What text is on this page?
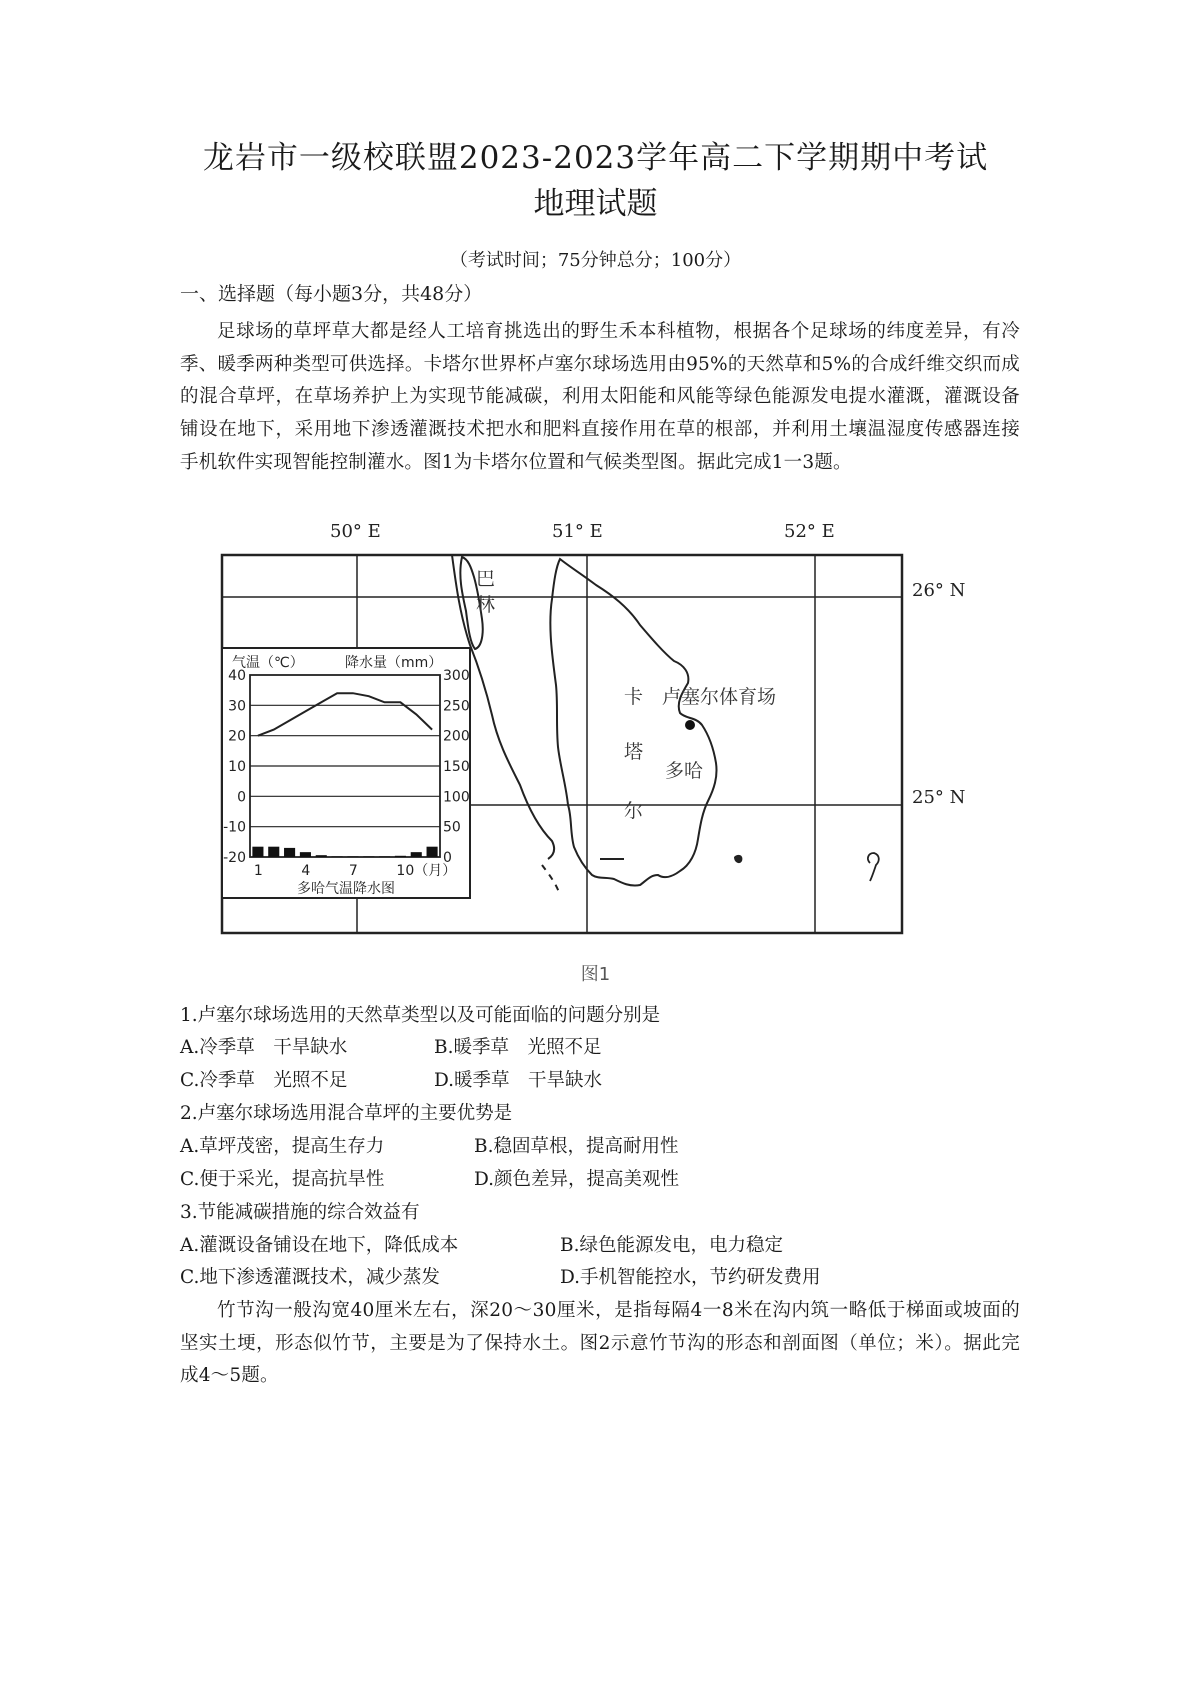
龙岩市一级校联盟2023-2023学年高二下学期期中考试
地理试题
（考试时间；75分钟总分；100分）
一、选择题（每小题3分，共48分）
足球场的草坪草大都是经人工培育挑选出的野生禾本科植物，根据各个足球场的纬度差异，有冷季、暖季两种类型可供选择。卡塔尔世界杯卢塞尔球场选用由95%的天然草和5%的合成纤维交织而成的混合草坪，在草场养护上为实现节能减碳，利用太阳能和风能等绿色能源发电提水灌溉，灌溉设备铺设在地下，采用地下渗透灌溉技术把水和肥料直接作用在草的根部，并利用土壤温湿度传感器连接手机软件实现智能控制灌水。图1为卡塔尔位置和气候类型图。据此完成1一3题。
50° E	51° E	52° E
26° N
25° N
巴
林
卡
塔
尔
卢塞尔体育场
多哈
气温（℃）	降水量（mm）
40
30
20
10
0
-10
-20
300
250
200
150
100
50
0
1	4	7	10（月）
多哈气温降水图
图1
1.卢塞尔球场选用的天然草类型以及可能面临的问题分别是
A.冷季草　干旱缺水	B.暖季草　光照不足
C.冷季草　光照不足	D.暖季草　干旱缺水
2.卢塞尔球场选用混合草坪的主要优势是
A.草坪茂密，提高生存力	B.稳固草根，提高耐用性
C.便于采光，提高抗旱性	D.颜色差异，提高美观性
3.节能减碳措施的综合效益有
A.灌溉设备铺设在地下，降低成本	B.绿色能源发电，电力稳定
C.地下渗透灌溉技术，减少蒸发	D.手机智能控水，节约研发费用
竹节沟一般沟宽40厘米左右，深20～30厘米，是指每隔4一8米在沟内筑一略低于梯面或坡面的坚实土埂，形态似竹节，主要是为了保持水土。图2示意竹节沟的形态和剖面图（单位；米）。据此完成4～5题。
